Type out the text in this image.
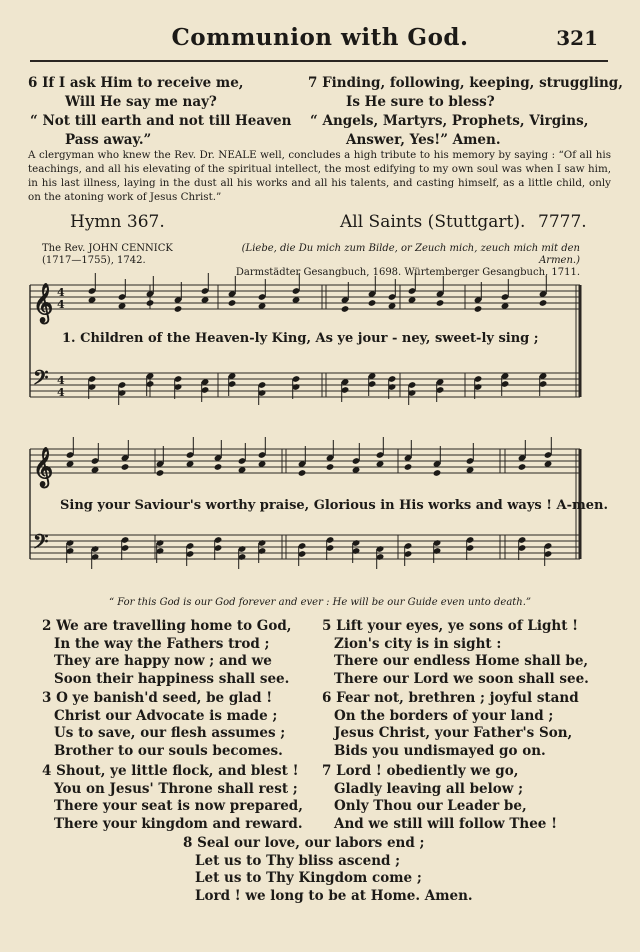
Communion with God.	321
6 If I ask Him to receive me,
Will He say me nay?
“ Not till earth and not till Heaven
Pass away.”
7 Finding, following, keeping, struggling,
Is He sure to bless?
“ Angels, Martyrs, Prophets, Virgins,
Answer, Yes!” Amen.
A clergyman who knew the Rev. Dr. NEALE well, concludes a high tribute to his memory by saying : “Of all his teachings, and all his elevating of the spiritual intellect, the most edifying to my own soul was when I saw him, in his last illness, laying in the dust all his works and all his talents, and casting himself, as a little child, only on the atoning work of Jesus Christ.”
Hymn 367.	All Saints (Stuttgart). 7777.
The Rev. JOHN CENNICK
(1717—1755), 1742.
(Liebe, die Du mich zum Bilde, or Zeuch mich, zeuch mich mit den Armen.)
Darmstädter Gesangbuch, 1698. Würtemberger Gesangbuch, 1711.
𝄞
𝄢
𝄞
𝄢
4
4
4
4
1. Children of the Heaven-ly King, As ye jour - ney, sweet-ly sing ;
Sing your Saviour's worthy praise, Glorious in His works and ways ! A-men.
“ For this God is our God forever and ever : He will be our Guide even unto death.”
2 We are travelling home to God,
In the way the Fathers trod ;
They are happy now ; and we
Soon their happiness shall see.
3 O ye banish'd seed, be glad !
Christ our Advocate is made ;
Us to save, our flesh assumes ;
Brother to our souls becomes.
4 Shout, ye little flock, and blest !
You on Jesus' Throne shall rest ;
There your seat is now prepared,
There your kingdom and reward.
5 Lift your eyes, ye sons of Light !
Zion's city is in sight :
There our endless Home shall be,
There our Lord we soon shall see.
6 Fear not, brethren ; joyful stand
On the borders of your land ;
Jesus Christ, your Father's Son,
Bids you undismayed go on.
7 Lord ! obediently we go,
Gladly leaving all below ;
Only Thou our Leader be,
And we still will follow Thee !
8 Seal our love, our labors end ;
Let us to Thy bliss ascend ;
Let us to Thy Kingdom come ;
Lord ! we long to be at Home. Amen.
